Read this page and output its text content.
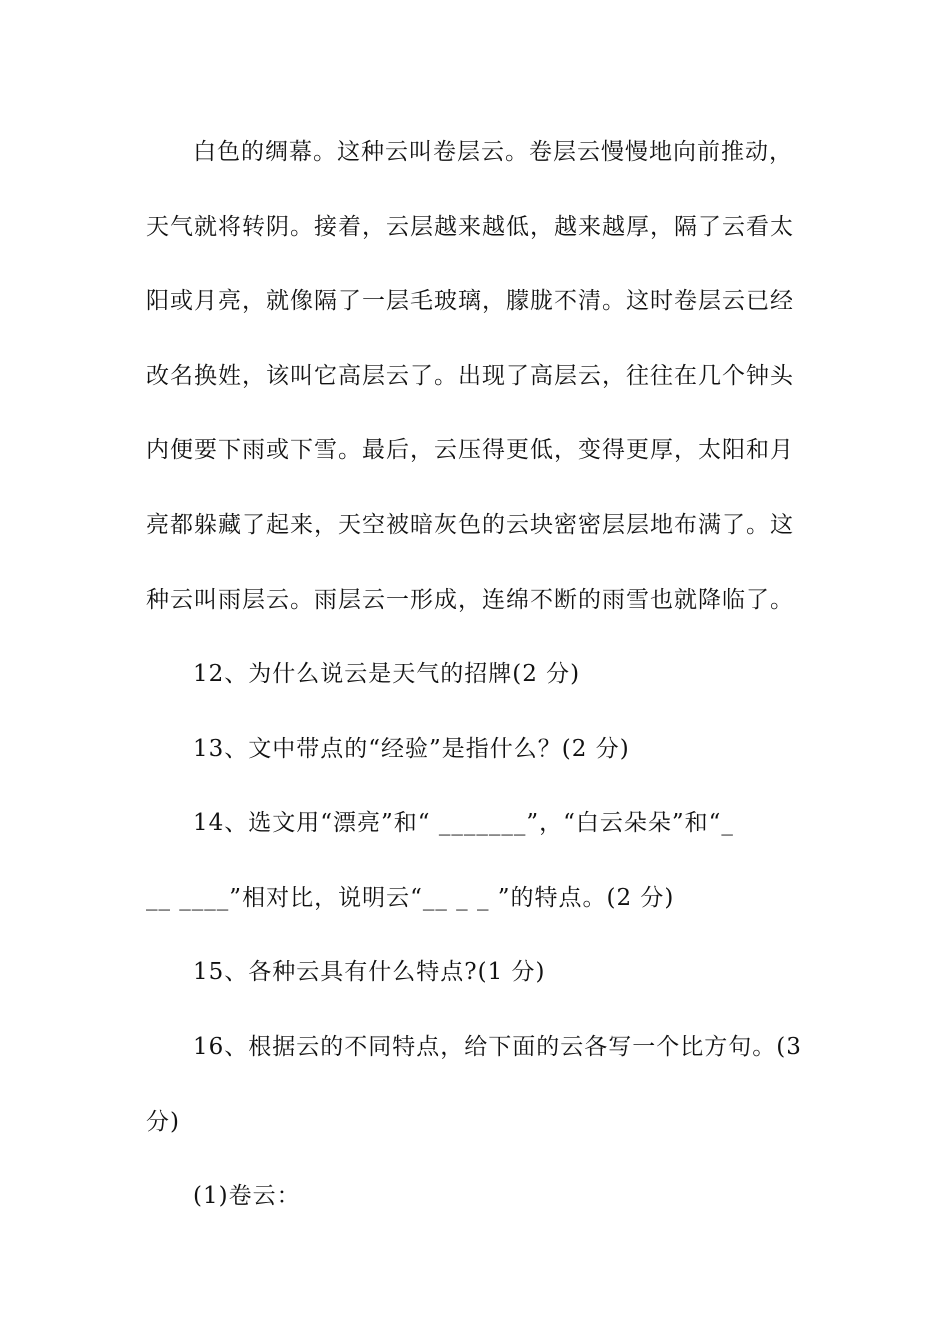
白色的绸幕。这种云叫卷层云。卷层云慢慢地向前推动，
天气就将转阴。接着，云层越来越低，越来越厚，隔了云看太
阳或月亮，就像隔了一层毛玻璃，朦胧不清。这时卷层云已经
改名换姓，该叫它高层云了。出现了高层云，往往在几个钟头
内便要下雨或下雪。最后，云压得更低，变得更厚，太阳和月
亮都躲藏了起来，天空被暗灰色的云块密密层层地布满了。这
种云叫雨层云。雨层云一形成，连绵不断的雨雪也就降临了。
12、为什么说云是天气的招牌(2 分)
13、文中带点的“经验”是指什么？(2 分)
14、选文用“漂亮”和“ _______”，“白云朵朵”和“_
__ ____”相对比，说明云“__ _ _ ”的特点。(2 分)
15、各种云具有什么特点?(1 分)
16、根据云的不同特点，给下面的云各写一个比方句。(3
分)
(1)卷云：
